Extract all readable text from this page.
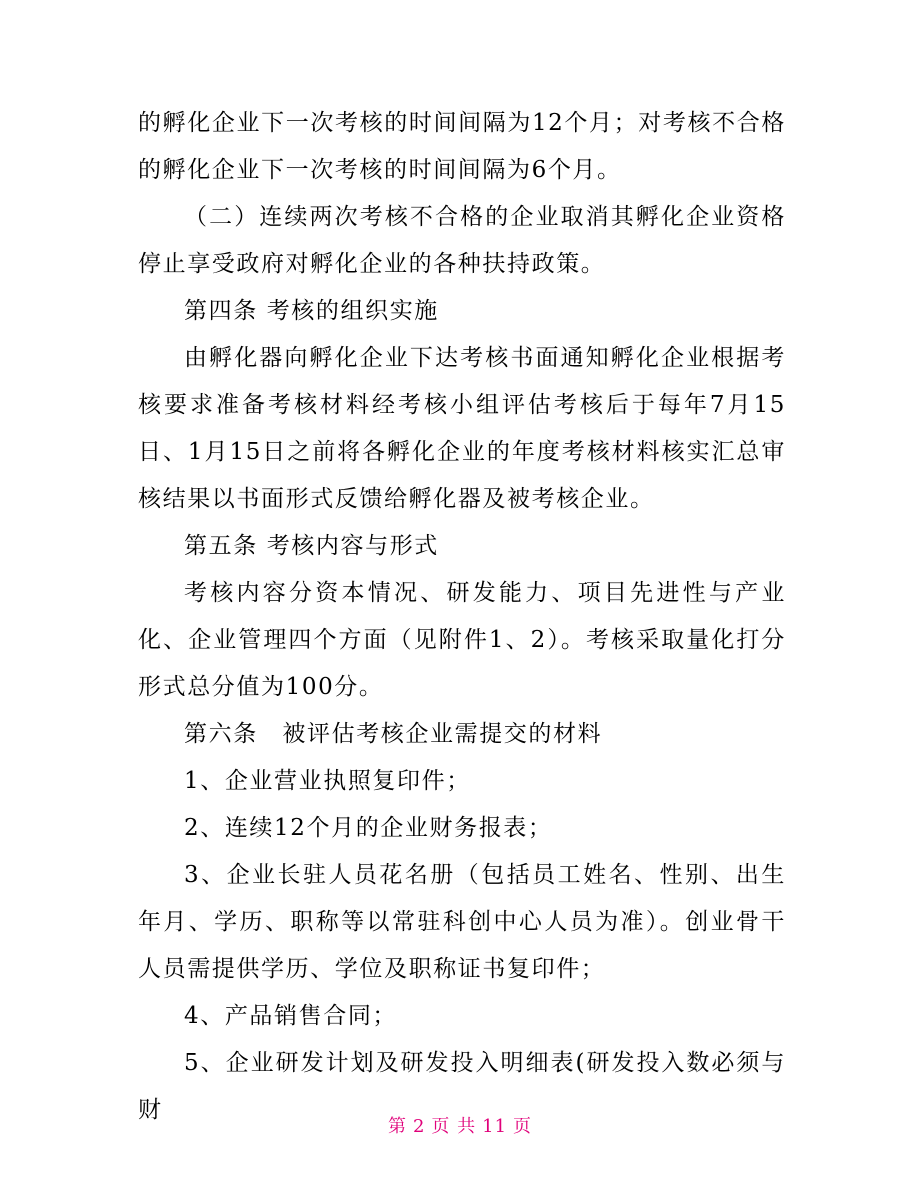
的孵化企业下一次考核的时间间隔为12个月；对考核不合格的孵化企业下一次考核的时间间隔为6个月。

（二）连续两次考核不合格的企业取消其孵化企业资格停止享受政府对孵化企业的各种扶持政策。

第四条 考核的组织实施

由孵化器向孵化企业下达考核书面通知孵化企业根据考核要求准备考核材料经考核小组评估考核后于每年7月15日、1月15日之前将各孵化企业的年度考核材料核实汇总审核结果以书面形式反馈给孵化器及被考核企业。

第五条 考核内容与形式

考核内容分资本情况、研发能力、项目先进性与产业化、企业管理四个方面（见附件1、2）。考核采取量化打分形式总分值为100分。

第六条　被评估考核企业需提交的材料

1、企业营业执照复印件；

2、连续12个月的企业财务报表；

3、企业长驻人员花名册（包括员工姓名、性别、出生年月、学历、职称等以常驻科创中心人员为准）。创业骨干人员需提供学历、学位及职称证书复印件；

4、产品销售合同；

5、企业研发计划及研发投入明细表(研发投入数必须与财

第 2 页 共 11 页
